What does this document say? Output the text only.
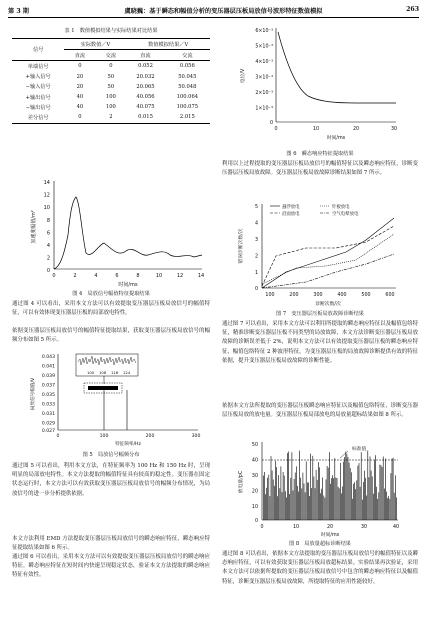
第 3 期	虞晓巍：基于瞬态和幅值分析的变压器层压板局放信号波形特征数值模拟	263
表 1　数值模拟结果与实际结果对比结果
信号	实际数值／V		数值模拟结果／V	
	直流	交流	直流	交流
单端信号	0	0	0.052	0.056
+输入信号	20	50	20.032	50.045
−输入信号	20	50	20.065	50.048
+输出信号	40	100	40.056	100.064
−输出信号	40	100	40.075	100.075
差分信号	0	2	0.015	2.015
14
12
10
8
6
4
2
0
0	2	4	6	8	10	12	14
时间/ms
加速度幅值/m²
图 4　局放信号幅值特征提取结果
通过图 4 可以看出，采用本文方法可以有效提取变压器层压板局放信号的幅值特征，可以有效体现变压器层压板的局部放电特性。
依据变压器层压板局放信号的幅值特征提取结果，获取变压器层压板局放信号的幅频分布如图 5 所示。
0.043
0.041
0.039
0.037
0.035
0.033
0.031
0.029
0.027
0	100	200	300
特征频率/Hz
局放信号幅值/V
100 108 116 124
图 5　局放信号幅频分布
通过图 5 可以看出，利用本文方法，在特征频率为 100 Hz 和 150 Hz 时，呈现明显的局部放电特性。本文方法提取的幅值特征具有较高的稳定性。变压器在固定状态运行时，本文方法可以有效获取变压器层压板局放信号的幅频分布情况，为局放信号的进一步分析提供依据。
本文方法利用 EMD 方法提取变压器层压板局放信号的瞬态响应特征，瞬态响应特征提取结果如图 6 所示。
通过图 6 可以看出，采用本文方法可以有效提取变压器层压板局放信号的瞬态响应特征。瞬态响应特征在短时间内快速呈现稳定状态，验证本文方法提取的瞬态响应特征有效性。
6×10⁻³
5×10⁻³
4×10⁻³
3×10⁻³
2×10⁻³
1×10⁻³
0
0	10	20	30
时间/ms
电位/V
图 6　瞬态响应特征提取结果
利用以上过程提取的变压器层压板局放信号的幅值特征以及瞬态响应特征，诊断变压器层压板局放故障。变压器层压板局放故障诊断结果如图 7 所示。
5
4
3
2
1
0
100	200	300	400	500	600
诊断次数/次
错误诊断次数/次
悬浮放电
沿面放电
针板放电
空气电晕放电
图 7　变压器层压板局放故障诊断结果
通过图 7 可以看出，采用本文方法可以利用所提取的瞬态响应特征以及幅值包络特征，精准诊断变压器层压板不同类型的局放故障，本文方法诊断变压器层压板局放故障的诊断误差低于 2%，说明本文方法可以有效提取变压器层压板的瞬态响应特征，幅值包络特征 2 种波形特征，为变压器层压板的局放故障诊断提供有效的特征依据，提升变压器层压板局放故障的诊断性能。
依据本文方法所提取的变压器层压板瞬态响应特征以及幅值包络特征，诊断变压器层压板局放的放电量。变压器层压板局部放电的局放量超标结果如图 8 所示。
50
40
30
20
10
0
0	10	20	30	40
时间/ms
放电量/pC
标准值
图 8　局放量超标诊断结果
通过图 8 可以看出，依据本文方法提取的变压器层压板局放信号的幅值特征以及瞬态响应特征，可以有效获取变压器层压板局放超标结果。实验结果再次验证，采用本文方法可以依据所提取的变压器层压板局放信号中包含的瞬态响应特征以及幅值特征，诊断变压器层压板局放故障，所提取特征的应用性能较好。
